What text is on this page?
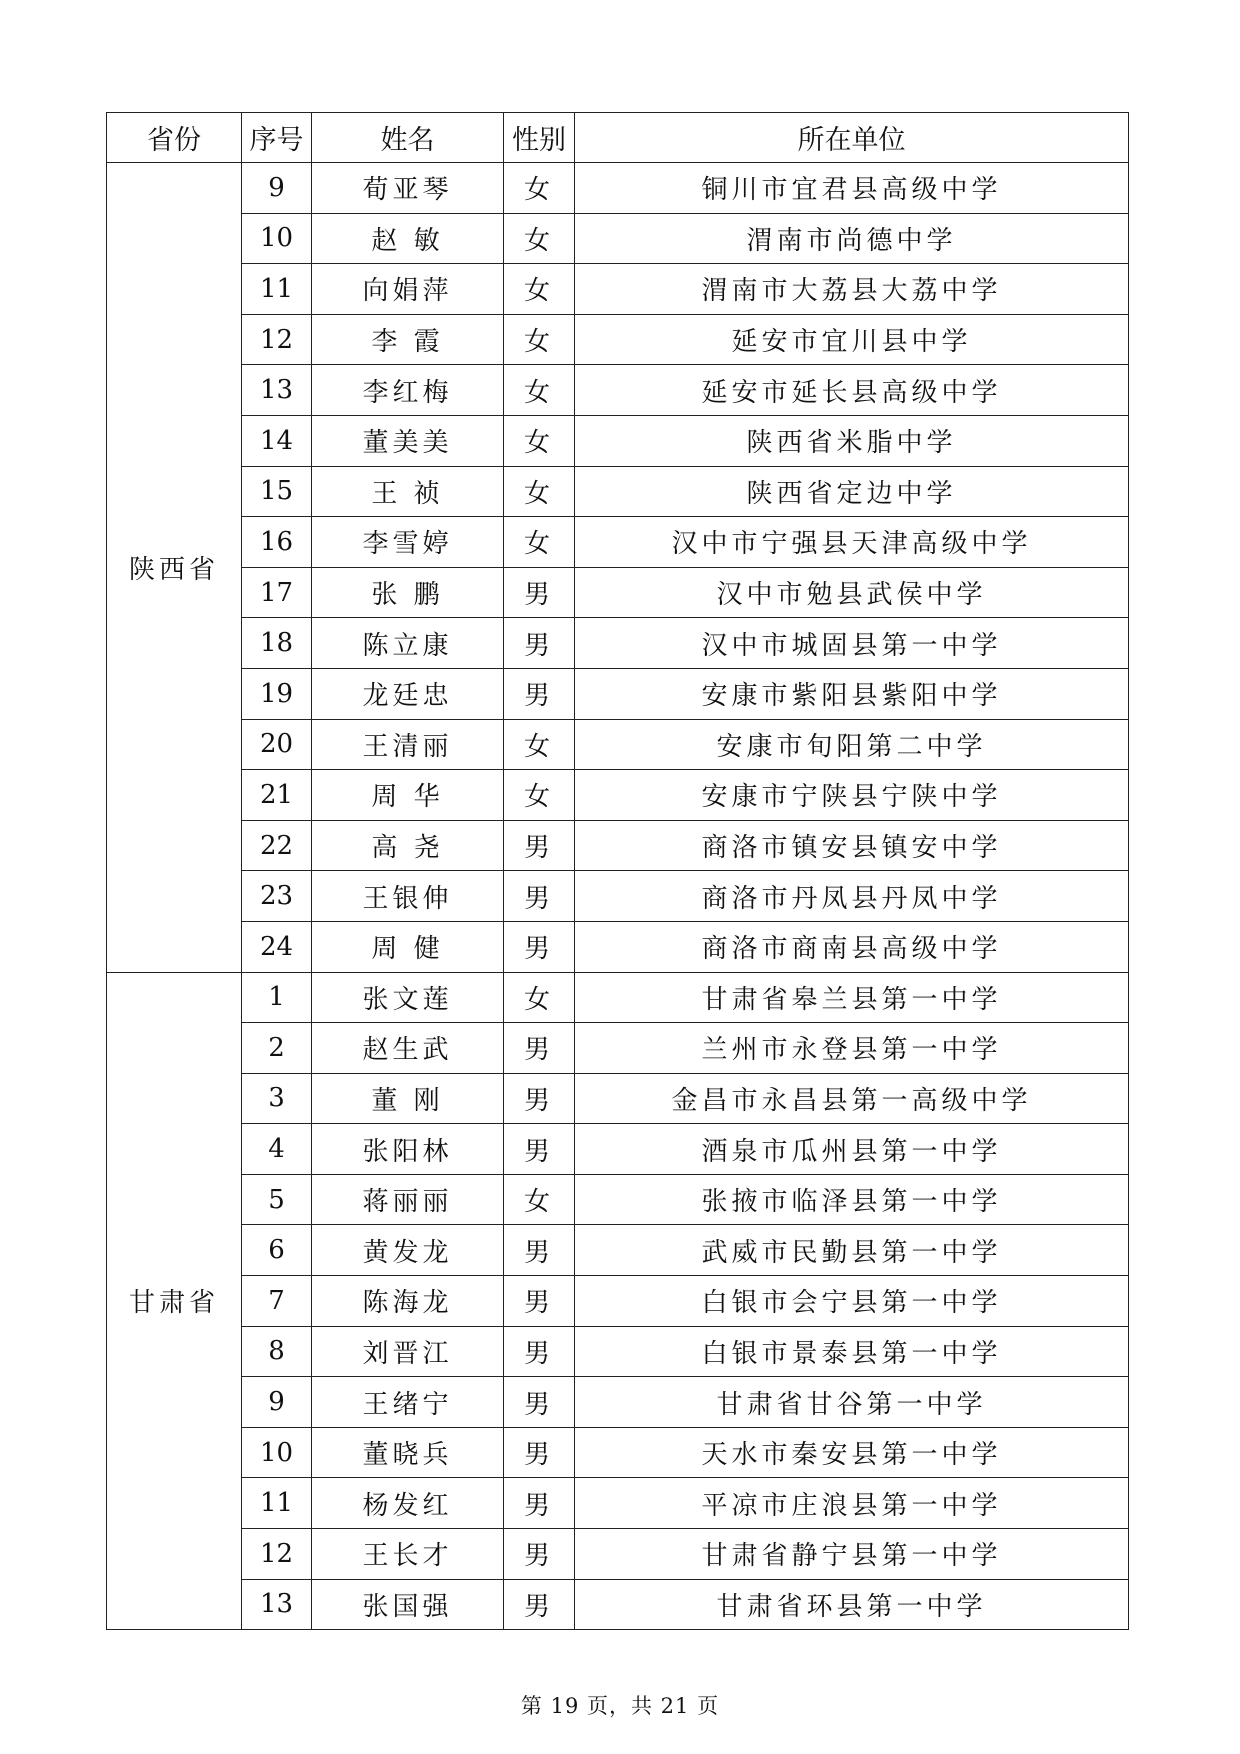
省份	序号	姓名	性别	所在单位
陕西省	9	荀亚琴	女	铜川市宜君县高级中学
	10	赵 敏	女	渭南市尚德中学
	11	向娟萍	女	渭南市大荔县大荔中学
	12	李 霞	女	延安市宜川县中学
	13	李红梅	女	延安市延长县高级中学
	14	董美美	女	陕西省米脂中学
	15	王 祯	女	陕西省定边中学
	16	李雪婷	女	汉中市宁强县天津高级中学
	17	张 鹏	男	汉中市勉县武侯中学
	18	陈立康	男	汉中市城固县第一中学
	19	龙廷忠	男	安康市紫阳县紫阳中学
	20	王清丽	女	安康市旬阳第二中学
	21	周 华	女	安康市宁陕县宁陕中学
	22	高 尧	男	商洛市镇安县镇安中学
	23	王银伸	男	商洛市丹凤县丹凤中学
	24	周 健	男	商洛市商南县高级中学
甘肃省	1	张文莲	女	甘肃省皋兰县第一中学
	2	赵生武	男	兰州市永登县第一中学
	3	董 刚	男	金昌市永昌县第一高级中学
	4	张阳林	男	酒泉市瓜州县第一中学
	5	蒋丽丽	女	张掖市临泽县第一中学
	6	黄发龙	男	武威市民勤县第一中学
	7	陈海龙	男	白银市会宁县第一中学
	8	刘晋江	男	白银市景泰县第一中学
	9	王绪宁	男	甘肃省甘谷第一中学
	10	董晓兵	男	天水市秦安县第一中学
	11	杨发红	男	平凉市庄浪县第一中学
	12	王长才	男	甘肃省静宁县第一中学
	13	张国强	男	甘肃省环县第一中学
第 19 页，共 21 页
